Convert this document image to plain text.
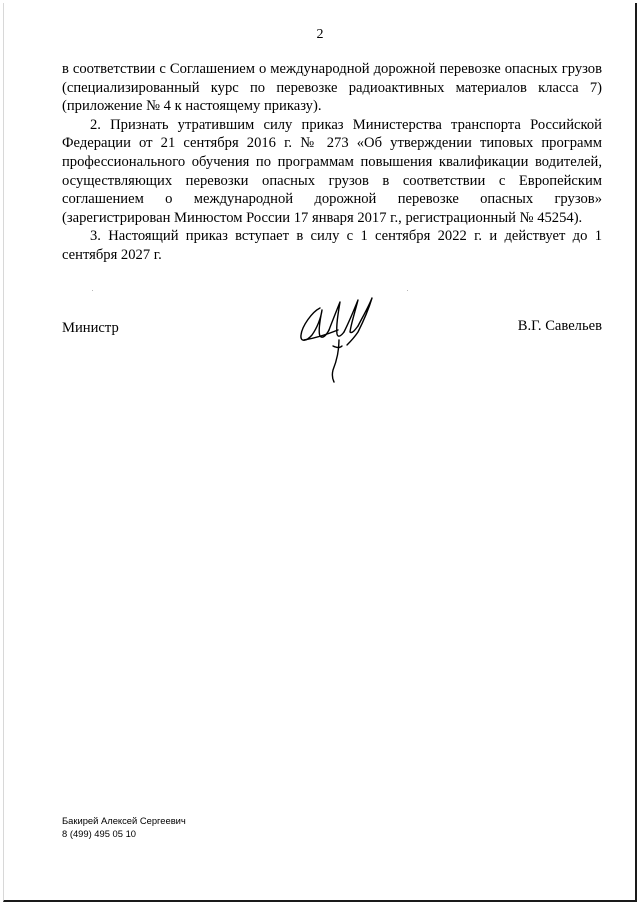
2

в соответствии с Соглашением о международной дорожной перевозке опасных грузов (специализированный курс по перевозке радиоактивных материалов класса 7) (приложение № 4 к настоящему приказу).

2. Признать утратившим силу приказ Министерства транспорта Российской Федерации от 21 сентября 2016 г. № 273 «Об утверждении типовых программ профессионального обучения по программам повышения квалификации водителей, осуществляющих перевозки опасных грузов в соответствии с Европейским соглашением о международной дорожной перевозке опасных грузов» (зарегистрирован Минюстом России 17 января 2017 г., регистрационный № 45254).

3. Настоящий приказ вступает в силу с 1 сентября 2022 г. и действует до 1 сентября 2027 г.

Министр	В.Г. Савельев
Бакирей Алексей Сергеевич
8 (499) 495 05 10
